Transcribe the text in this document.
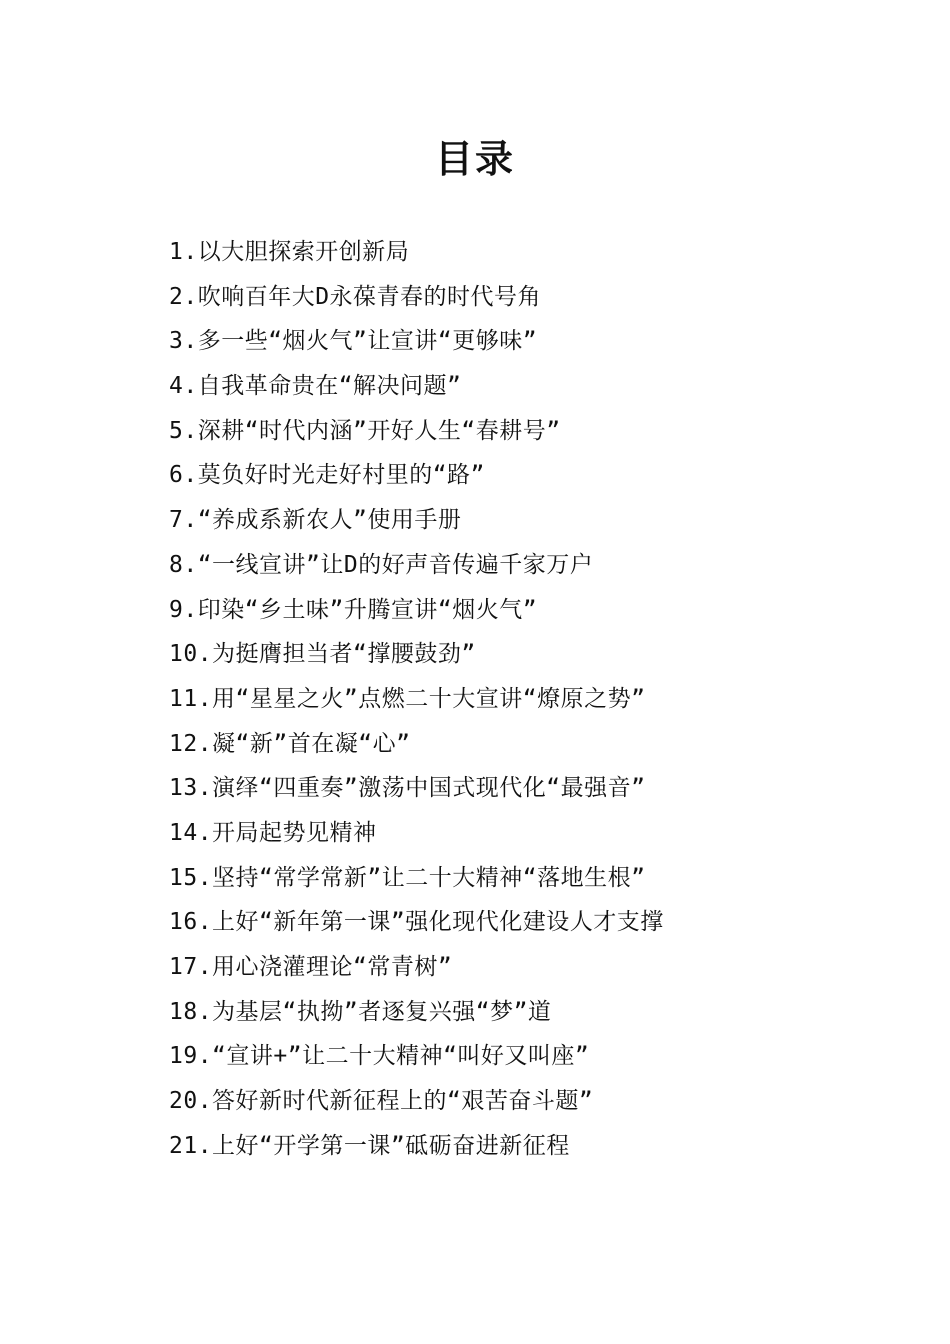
目录
1.以大胆探索开创新局
2.吹响百年大D永葆青春的时代号角
3.多一些“烟火气”让宣讲“更够味”
4.自我革命贵在“解决问题”
5.深耕“时代内涵”开好人生“春耕号”
6.莫负好时光走好村里的“路”
7.“养成系新农人”使用手册
8.“一线宣讲”让D的好声音传遍千家万户
9.印染“乡土味”升腾宣讲“烟火气”
10.为挺膺担当者“撑腰鼓劲”
11.用“星星之火”点燃二十大宣讲“燎原之势”
12.凝“新”首在凝“心”
13.演绎“四重奏”激荡中国式现代化“最强音”
14.开局起势见精神
15.坚持“常学常新”让二十大精神“落地生根”
16.上好“新年第一课”强化现代化建设人才支撑
17.用心浇灌理论“常青树”
18.为基层“执拗”者逐复兴强“梦”道
19.“宣讲+”让二十大精神“叫好又叫座”
20.答好新时代新征程上的“艰苦奋斗题”
21.上好“开学第一课”砥砺奋进新征程
